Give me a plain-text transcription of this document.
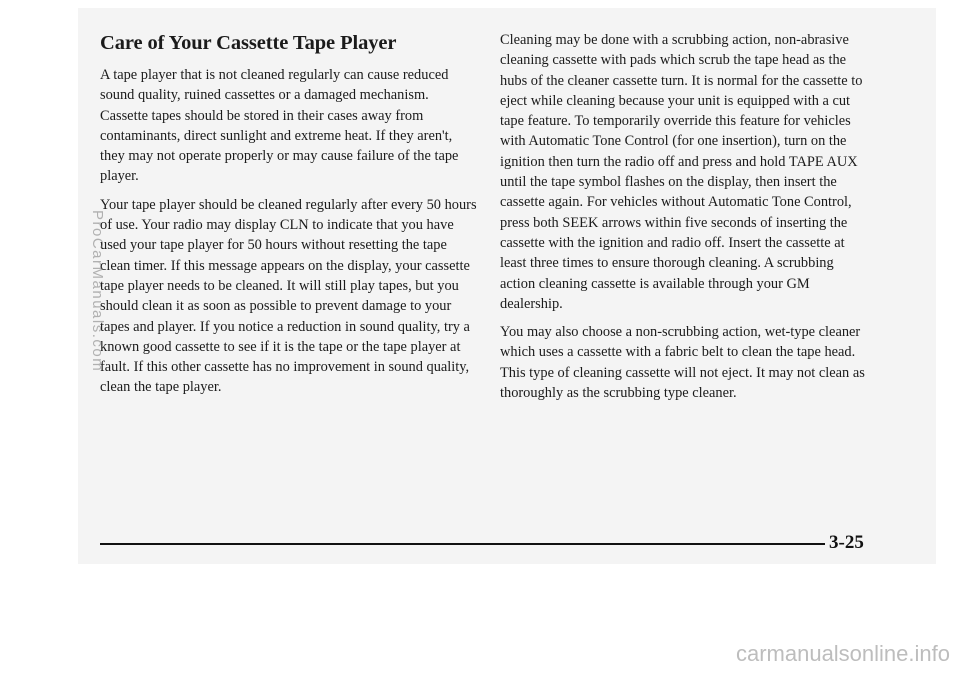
Care of Your Cassette Tape Player

A tape player that is not cleaned regularly can cause reduced sound quality, ruined cassettes or a damaged mechanism. Cassette tapes should be stored in their cases away from contaminants, direct sunlight and extreme heat. If they aren't, they may not operate properly or may cause failure of the tape player.

Your tape player should be cleaned regularly after every 50 hours of use. Your radio may display CLN to indicate that you have used your tape player for 50 hours without resetting the tape clean timer. If this message appears on the display, your cassette tape player needs to be cleaned. It will still play tapes, but you should clean it as soon as possible to prevent damage to your tapes and player. If you notice a reduction in sound quality, try a known good cassette to see if it is the tape or the tape player at fault. If this other cassette has no improvement in sound quality, clean the tape player.

Cleaning may be done with a scrubbing action, non-abrasive cleaning cassette with pads which scrub the tape head as the hubs of the cleaner cassette turn. It is normal for the cassette to eject while cleaning because your unit is equipped with a cut tape feature. To temporarily override this feature for vehicles with Automatic Tone Control (for one insertion), turn on the ignition then turn the radio off and press and hold TAPE AUX until the tape symbol flashes on the display, then insert the cassette again. For vehicles without Automatic Tone Control, press both SEEK arrows within five seconds of inserting the cassette with the ignition and radio off. Insert the cassette at least three times to ensure thorough cleaning. A scrubbing action cleaning cassette is available through your GM dealership.

You may also choose a non-scrubbing action, wet-type cleaner which uses a cassette with a fabric belt to clean the tape head. This type of cleaning cassette will not eject. It may not clean as thoroughly as the scrubbing type cleaner.

3-25
ProCarManuals.com
carmanualsonline.info
